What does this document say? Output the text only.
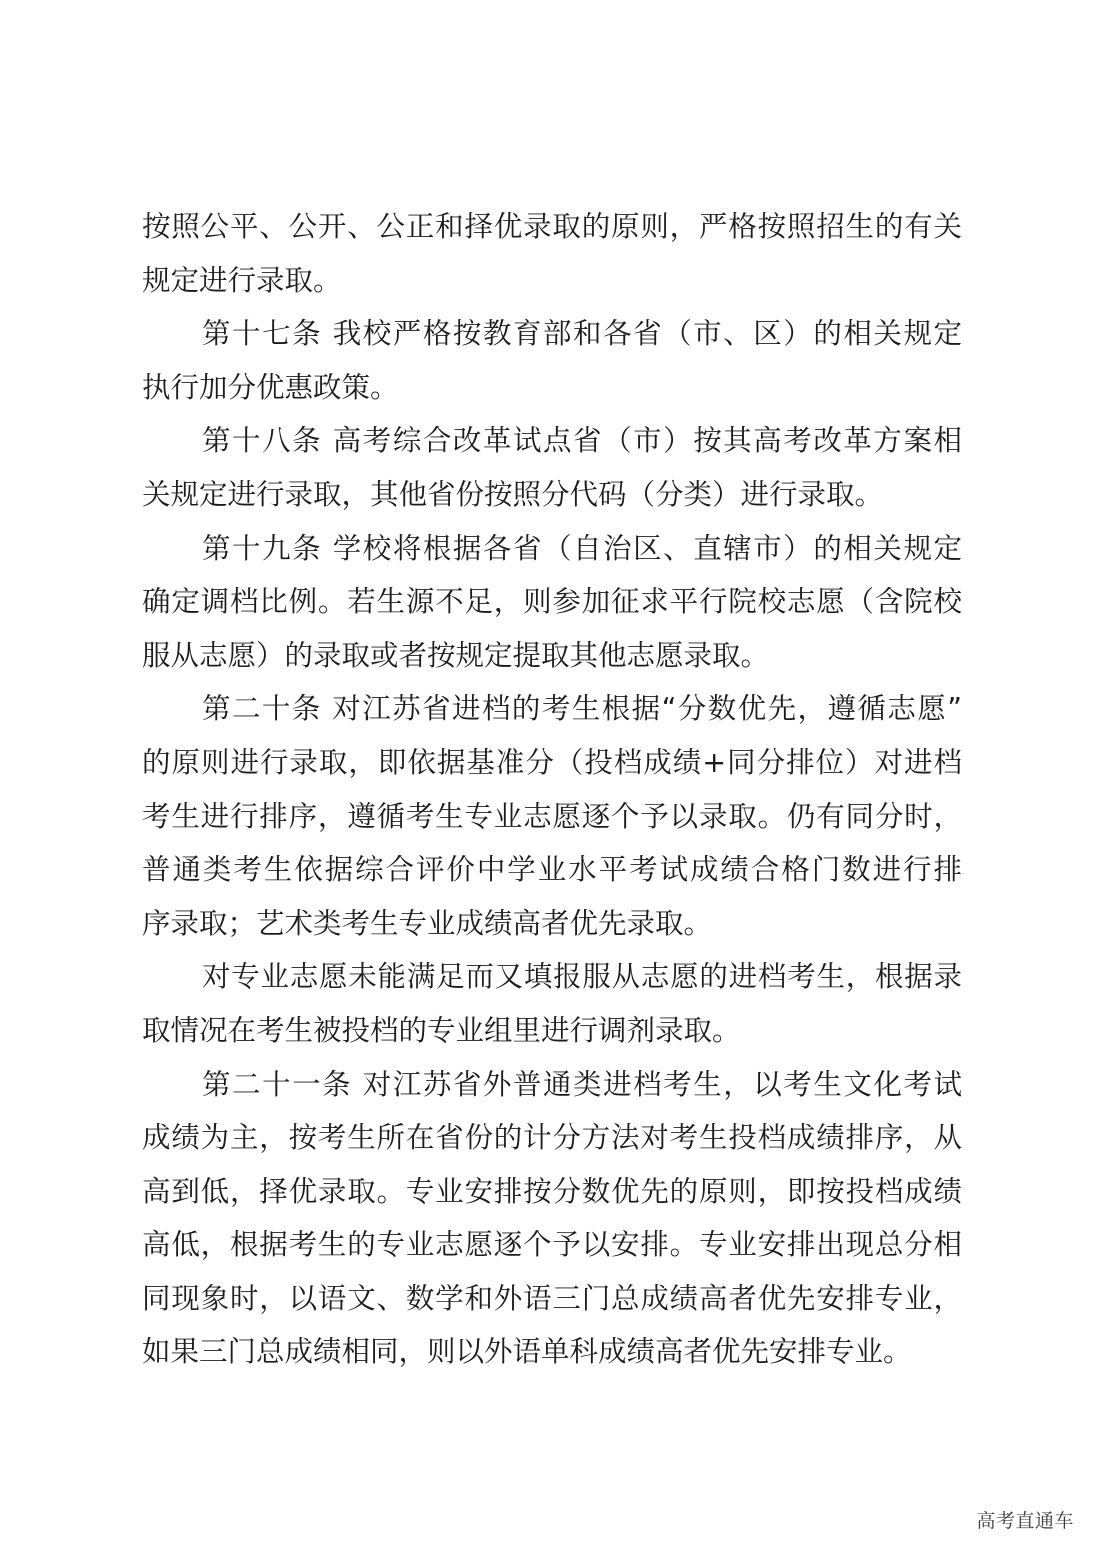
按照公平、公开、公正和择优录取的原则，严格按照招生的有关
规定进行录取。
第十七条 我校严格按教育部和各省（市、区）的相关规定
执行加分优惠政策。
第十八条 高考综合改革试点省（市）按其高考改革方案相
关规定进行录取，其他省份按照分代码（分类）进行录取。
第十九条 学校将根据各省（自治区、直辖市）的相关规定
确定调档比例。若生源不足，则参加征求平行院校志愿（含院校
服从志愿）的录取或者按规定提取其他志愿录取。
第二十条 对江苏省进档的考生根据“分数优先，遵循志愿”
的原则进行录取，即依据基准分（投档成绩+同分排位）对进档
考生进行排序，遵循考生专业志愿逐个予以录取。仍有同分时，
普通类考生依据综合评价中学业水平考试成绩合格门数进行排
序录取；艺术类考生专业成绩高者优先录取。
对专业志愿未能满足而又填报服从志愿的进档考生，根据录
取情况在考生被投档的专业组里进行调剂录取。
第二十一条 对江苏省外普通类进档考生，以考生文化考试
成绩为主，按考生所在省份的计分方法对考生投档成绩排序，从
高到低，择优录取。专业安排按分数优先的原则，即按投档成绩
高低，根据考生的专业志愿逐个予以安排。专业安排出现总分相
同现象时，以语文、数学和外语三门总成绩高者优先安排专业，
如果三门总成绩相同，则以外语单科成绩高者优先安排专业。
高考直通车
